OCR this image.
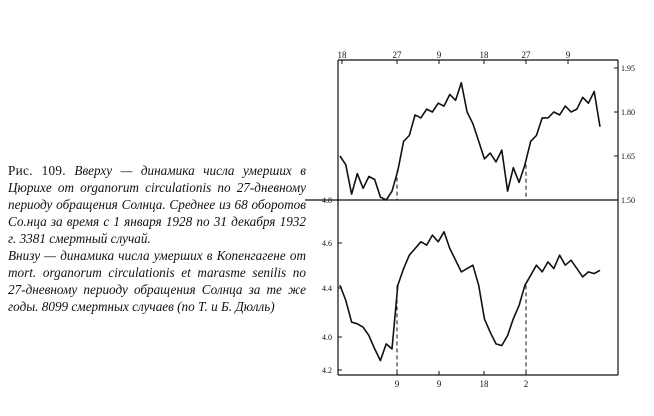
Рис. 109. Вверху — динамика числа умерших в Цюрихе от organorum circulationis по 27-дневному периоду обращения Солнца. Среднее из 68 оборотов Со.нца за время с 1 января 1928 по 31 декабря 1932 г. 3381 смертный случай.

Внизу — динамика числа умерших в Копенгагене от mort. organorum circulationis et marasme senilis по 27-дневному периоду обращения Солнца за те же годы. 8099 смертных случаев (по Т. и Б. Дюлль)

18	27	9	18	27	9
1.95
1.80
1.65
1.50
4.8
4.6
4.4
4.0
4.2
9	9	18	2
